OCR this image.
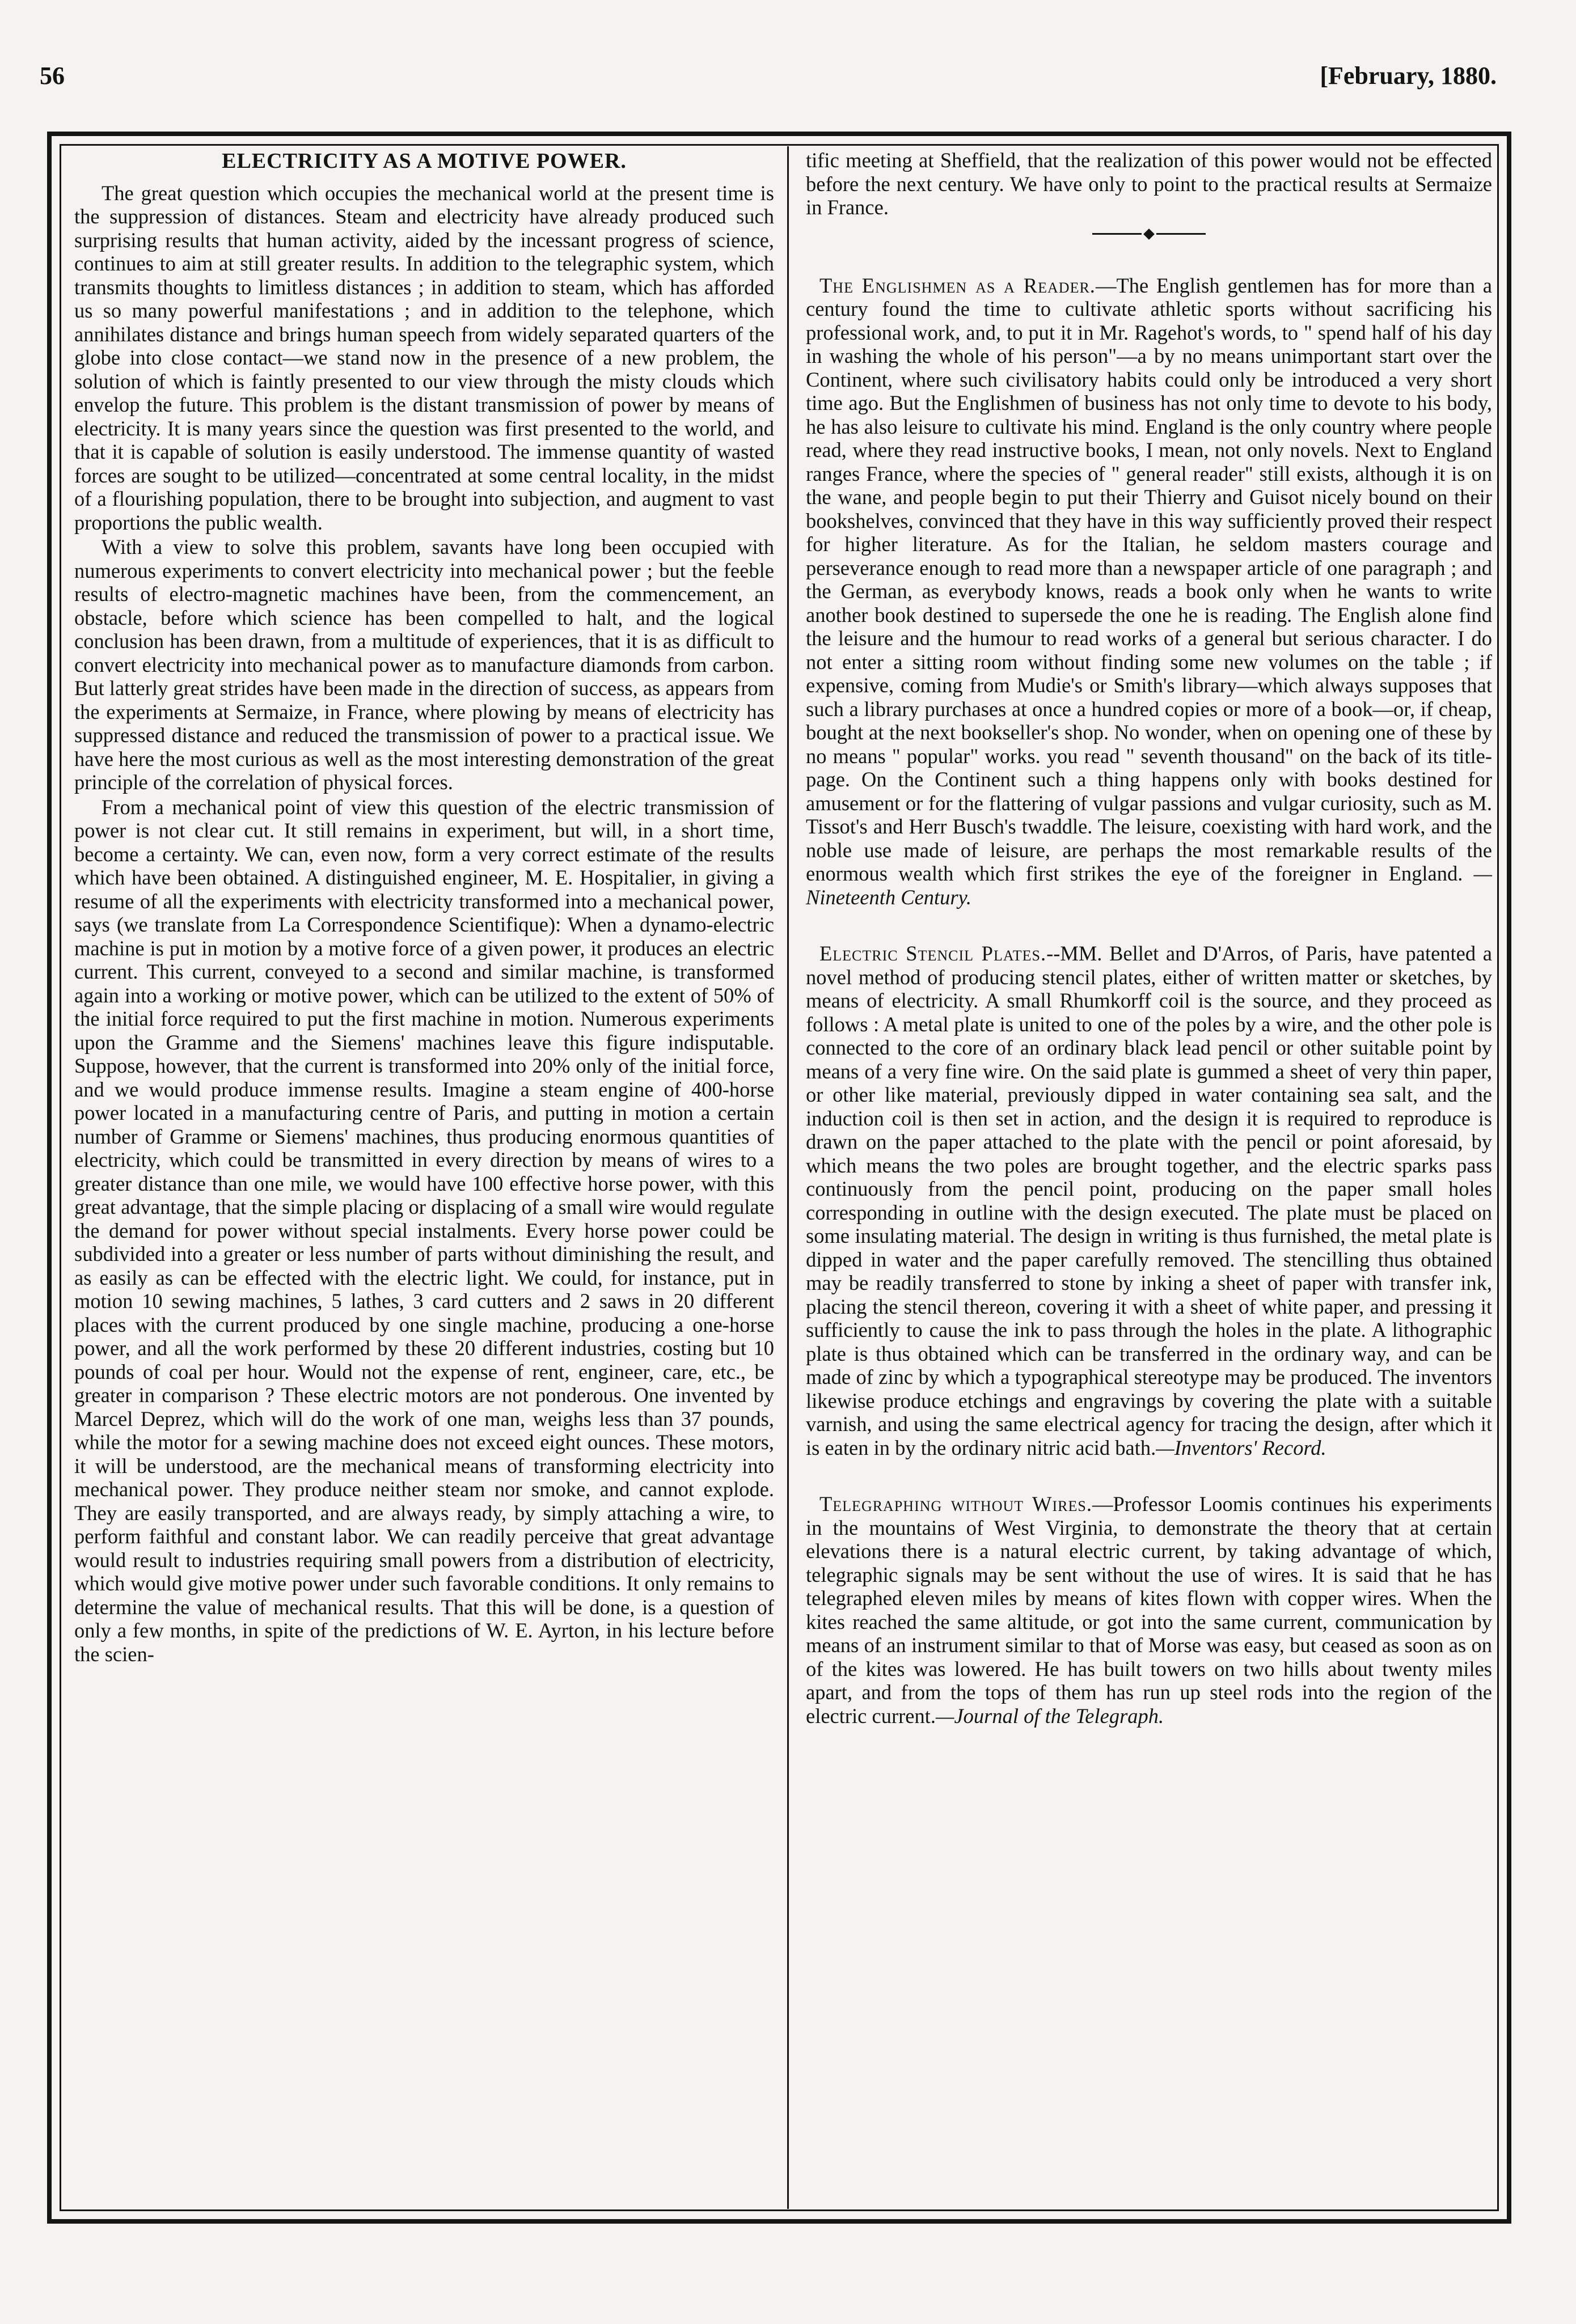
56	[February, 1880.
ELECTRICITY AS A MOTIVE POWER.

The great question which occupies the mechanical world at the present time is the suppression of distances. Steam and electricity have already produced such surprising results that human activity, aided by the incessant progress of science, continues to aim at still greater results. In addition to the telegraphic system, which transmits thoughts to limitless distances ; in addition to steam, which has afforded us so many powerful manifestations ; and in addition to the telephone, which annihilates distance and brings human speech from widely separated quarters of the globe into close contact—we stand now in the presence of a new problem, the solution of which is faintly presented to our view through the misty clouds which envelop the future. This problem is the distant transmission of power by means of electricity. It is many years since the question was first presented to the world, and that it is capable of solution is easily understood. The immense quantity of wasted forces are sought to be utilized—concentrated at some central locality, in the midst of a flourishing population, there to be brought into subjection, and augment to vast proportions the public wealth.

With a view to solve this problem, savants have long been occupied with numerous experiments to convert electricity into mechanical power ; but the feeble results of electro-magnetic machines have been, from the commencement, an obstacle, before which science has been compelled to halt, and the logical conclusion has been drawn, from a multitude of experiences, that it is as difficult to convert electricity into mechanical power as to manufacture diamonds from carbon. But latterly great strides have been made in the direction of success, as appears from the experiments at Sermaize, in France, where plowing by means of electricity has suppressed distance and reduced the transmission of power to a practical issue. We have here the most curious as well as the most interesting demonstration of the great principle of the correlation of physical forces.

From a mechanical point of view this question of the electric transmission of power is not clear cut. It still remains in experiment, but will, in a short time, become a certainty. We can, even now, form a very correct estimate of the results which have been obtained. A distinguished engineer, M. E. Hospitalier, in giving a resume of all the experiments with electricity transformed into a mechanical power, says (we translate from La Correspondence Scientifique): When a dynamo-electric machine is put in motion by a motive force of a given power, it produces an electric current. This current, conveyed to a second and similar machine, is transformed again into a working or motive power, which can be utilized to the extent of 50% of the initial force required to put the first machine in motion. Numerous experiments upon the Gramme and the Siemens' machines leave this figure indisputable. Suppose, however, that the current is transformed into 20% only of the initial force, and we would produce immense results. Imagine a steam engine of 400-horse power located in a manufacturing centre of Paris, and putting in motion a certain number of Gramme or Siemens' machines, thus producing enormous quantities of electricity, which could be transmitted in every direction by means of wires to a greater distance than one mile, we would have 100 effective horse power, with this great advantage, that the simple placing or displacing of a small wire would regulate the demand for power without special instalments. Every horse power could be subdivided into a greater or less number of parts without diminishing the result, and as easily as can be effected with the electric light. We could, for instance, put in motion 10 sewing machines, 5 lathes, 3 card cutters and 2 saws in 20 different places with the current produced by one single machine, producing a one-horse power, and all the work performed by these 20 different industries, costing but 10 pounds of coal per hour. Would not the expense of rent, engineer, care, etc., be greater in comparison ? These electric motors are not ponderous. One invented by Marcel Deprez, which will do the work of one man, weighs less than 37 pounds, while the motor for a sewing machine does not exceed eight ounces. These motors, it will be understood, are the mechanical means of transforming electricity into mechanical power. They produce neither steam nor smoke, and cannot explode. They are easily transported, and are always ready, by simply attaching a wire, to perform faithful and constant labor. We can readily perceive that great advantage would result to industries requiring small powers from a distribution of electricity, which would give motive power under such favorable conditions. It only remains to determine the value of mechanical results. That this will be done, is a question of only a few months, in spite of the predictions of W. E. Ayrton, in his lecture before the scien-

tific meeting at Sheffield, that the realization of this power would not be effected before the next century. We have only to point to the practical results at Sermaize in France.

The Englishmen as a Reader.—The English gentlemen has for more than a century found the time to cultivate athletic sports without sacrificing his professional work, and, to put it in Mr. Ragehot's words, to " spend half of his day in washing the whole of his person"—a by no means unimportant start over the Continent, where such civilisatory habits could only be introduced a very short time ago. But the Englishmen of business has not only time to devote to his body, he has also leisure to cultivate his mind. England is the only country where people read, where they read instructive books, I mean, not only novels. Next to England ranges France, where the species of " general reader" still exists, although it is on the wane, and people begin to put their Thierry and Guisot nicely bound on their bookshelves, convinced that they have in this way sufficiently proved their respect for higher literature. As for the Italian, he seldom masters courage and perseverance enough to read more than a newspaper article of one paragraph ; and the German, as everybody knows, reads a book only when he wants to write another book destined to supersede the one he is reading. The English alone find the leisure and the humour to read works of a general but serious character. I do not enter a sitting room without finding some new volumes on the table ; if expensive, coming from Mudie's or Smith's library—which always supposes that such a library purchases at once a hundred copies or more of a book—or, if cheap, bought at the next bookseller's shop. No wonder, when on opening one of these by no means " popular" works. you read " seventh thousand" on the back of its title-page. On the Continent such a thing happens only with books destined for amusement or for the flattering of vulgar passions and vulgar curiosity, such as M. Tissot's and Herr Busch's twaddle. The leisure, coexisting with hard work, and the noble use made of leisure, are perhaps the most remarkable results of the enormous wealth which first strikes the eye of the foreigner in England. —Nineteenth Century.

Electric Stencil Plates.--MM. Bellet and D'Arros, of Paris, have patented a novel method of producing stencil plates, either of written matter or sketches, by means of electricity. A small Rhumkorff coil is the source, and they proceed as follows : A metal plate is united to one of the poles by a wire, and the other pole is connected to the core of an ordinary black lead pencil or other suitable point by means of a very fine wire. On the said plate is gummed a sheet of very thin paper, or other like material, previously dipped in water containing sea salt, and the induction coil is then set in action, and the design it is required to reproduce is drawn on the paper attached to the plate with the pencil or point aforesaid, by which means the two poles are brought together, and the electric sparks pass continuously from the pencil point, producing on the paper small holes corresponding in outline with the design executed. The plate must be placed on some insulating material. The design in writing is thus furnished, the metal plate is dipped in water and the paper carefully removed. The stencilling thus obtained may be readily transferred to stone by inking a sheet of paper with transfer ink, placing the stencil thereon, covering it with a sheet of white paper, and pressing it sufficiently to cause the ink to pass through the holes in the plate. A lithographic plate is thus obtained which can be transferred in the ordinary way, and can be made of zinc by which a typographical stereotype may be produced. The inventors likewise produce etchings and engravings by covering the plate with a suitable varnish, and using the same electrical agency for tracing the design, after which it is eaten in by the ordinary nitric acid bath.—Inventors' Record.

Telegraphing without Wires.—Professor Loomis continues his experiments in the mountains of West Virginia, to demonstrate the theory that at certain elevations there is a natural electric current, by taking advantage of which, telegraphic signals may be sent without the use of wires. It is said that he has telegraphed eleven miles by means of kites flown with copper wires. When the kites reached the same altitude, or got into the same current, communication by means of an instrument similar to that of Morse was easy, but ceased as soon as on of the kites was lowered. He has built towers on two hills about twenty miles apart, and from the tops of them has run up steel rods into the region of the electric current.—Journal of the Telegraph.
